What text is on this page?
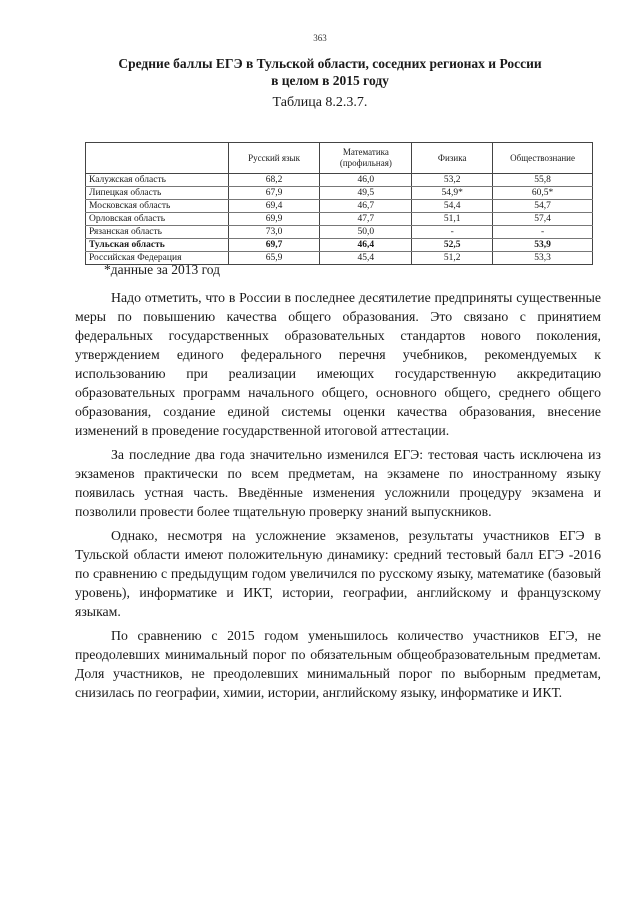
363
Средние баллы ЕГЭ в Тульской области, соседних регионах и России
в целом в 2015 году
Таблица 8.2.3.7.
	Русский язык	Математика (профильная)	Физика	Обществознание
Калужская область	68,2	46,0	53,2	55,8
Липецкая область	67,9	49,5	54,9*	60,5*
Московская область	69,4	46,7	54,4	54,7
Орловская область	69,9	47,7	51,1	57,4
Рязанская область	73,0	50,0	-	-
Тульская область	69,7	46,4	52,5	53,9
Российская Федерация	65,9	45,4	51,2	53,3
*данные за 2013 год

Надо отметить, что в России в последнее десятилетие предприняты существенные меры по повышению качества общего образования. Это связано с принятием федеральных государственных образовательных стандартов нового поколения, утверждением единого федерального перечня учебников, рекомендуемых к использованию при реализации имеющих государственную аккредитацию образовательных программ начального общего, основного общего, среднего общего образования, создание единой системы оценки качества образования, внесение изменений в проведение государственной итоговой аттестации.

За последние два года значительно изменился ЕГЭ: тестовая часть исключена из экзаменов практически по всем предметам, на экзамене по иностранному языку появилась устная часть. Введённые изменения усложнили процедуру экзамена и позволили провести более тщательную проверку знаний выпускников.

Однако, несмотря на усложнение экзаменов, результаты участников ЕГЭ в Тульской области имеют положительную динамику: средний тестовый балл ЕГЭ -2016 по сравнению с предыдущим годом увеличился по русскому языку, математике (базовый уровень), информатике и ИКТ, истории, географии, английскому и французскому языкам.

По сравнению с 2015 годом уменьшилось количество участников ЕГЭ, не преодолевших минимальный порог по обязательным общеобразовательным предметам. Доля участников, не преодолевших минимальный порог по выборным предметам, снизилась по географии, химии, истории, английскому языку, информатике и ИКТ.
